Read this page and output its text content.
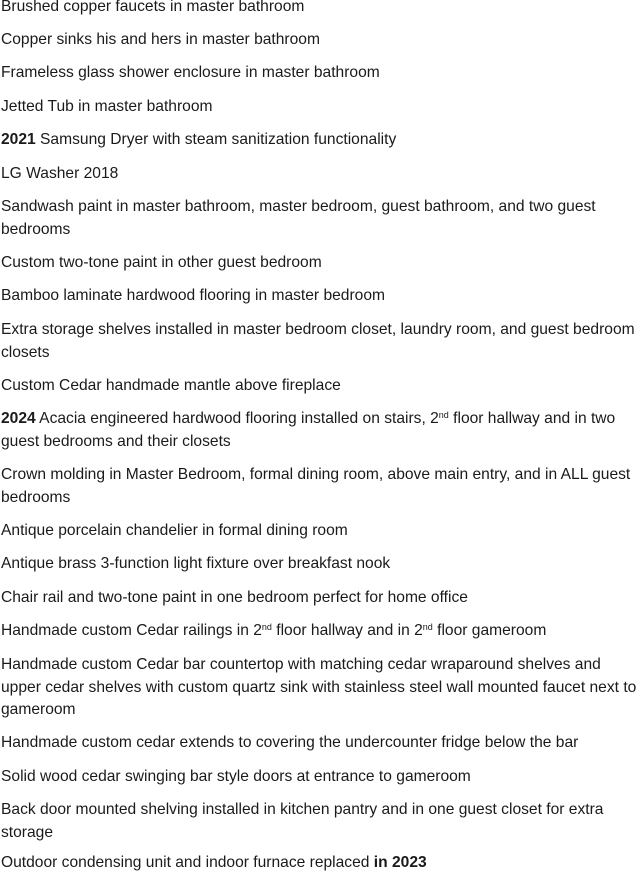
Brushed copper faucets in master bathroom
Copper sinks his and hers in master bathroom
Frameless glass shower enclosure in master bathroom
Jetted Tub in master bathroom
2021 Samsung Dryer with steam sanitization functionality
LG Washer 2018
Sandwash paint in master bathroom, master bedroom, guest bathroom, and two guest bedrooms
Custom two-tone paint in other guest bedroom
Bamboo laminate hardwood flooring in master bedroom
Extra storage shelves installed in master bedroom closet, laundry room, and guest bedroom closets
Custom Cedar handmade mantle above fireplace
2024 Acacia engineered hardwood flooring installed on stairs, 2nd floor hallway and in two guest bedrooms and their closets
Crown molding in Master Bedroom, formal dining room, above main entry, and in ALL guest bedrooms
Antique porcelain chandelier in formal dining room
Antique brass 3-function light fixture over breakfast nook
Chair rail and two-tone paint in one bedroom perfect for home office
Handmade custom Cedar railings in 2nd floor hallway and in 2nd floor gameroom
Handmade custom Cedar bar countertop with matching cedar wraparound shelves and upper cedar shelves with custom quartz sink with stainless steel wall mounted faucet next to gameroom
Handmade custom cedar extends to covering the undercounter fridge below the bar
Solid wood cedar swinging bar style doors at entrance to gameroom
Back door mounted shelving installed in kitchen pantry and in one guest closet for extra storage
Outdoor condensing unit and indoor furnace replaced in 2023
